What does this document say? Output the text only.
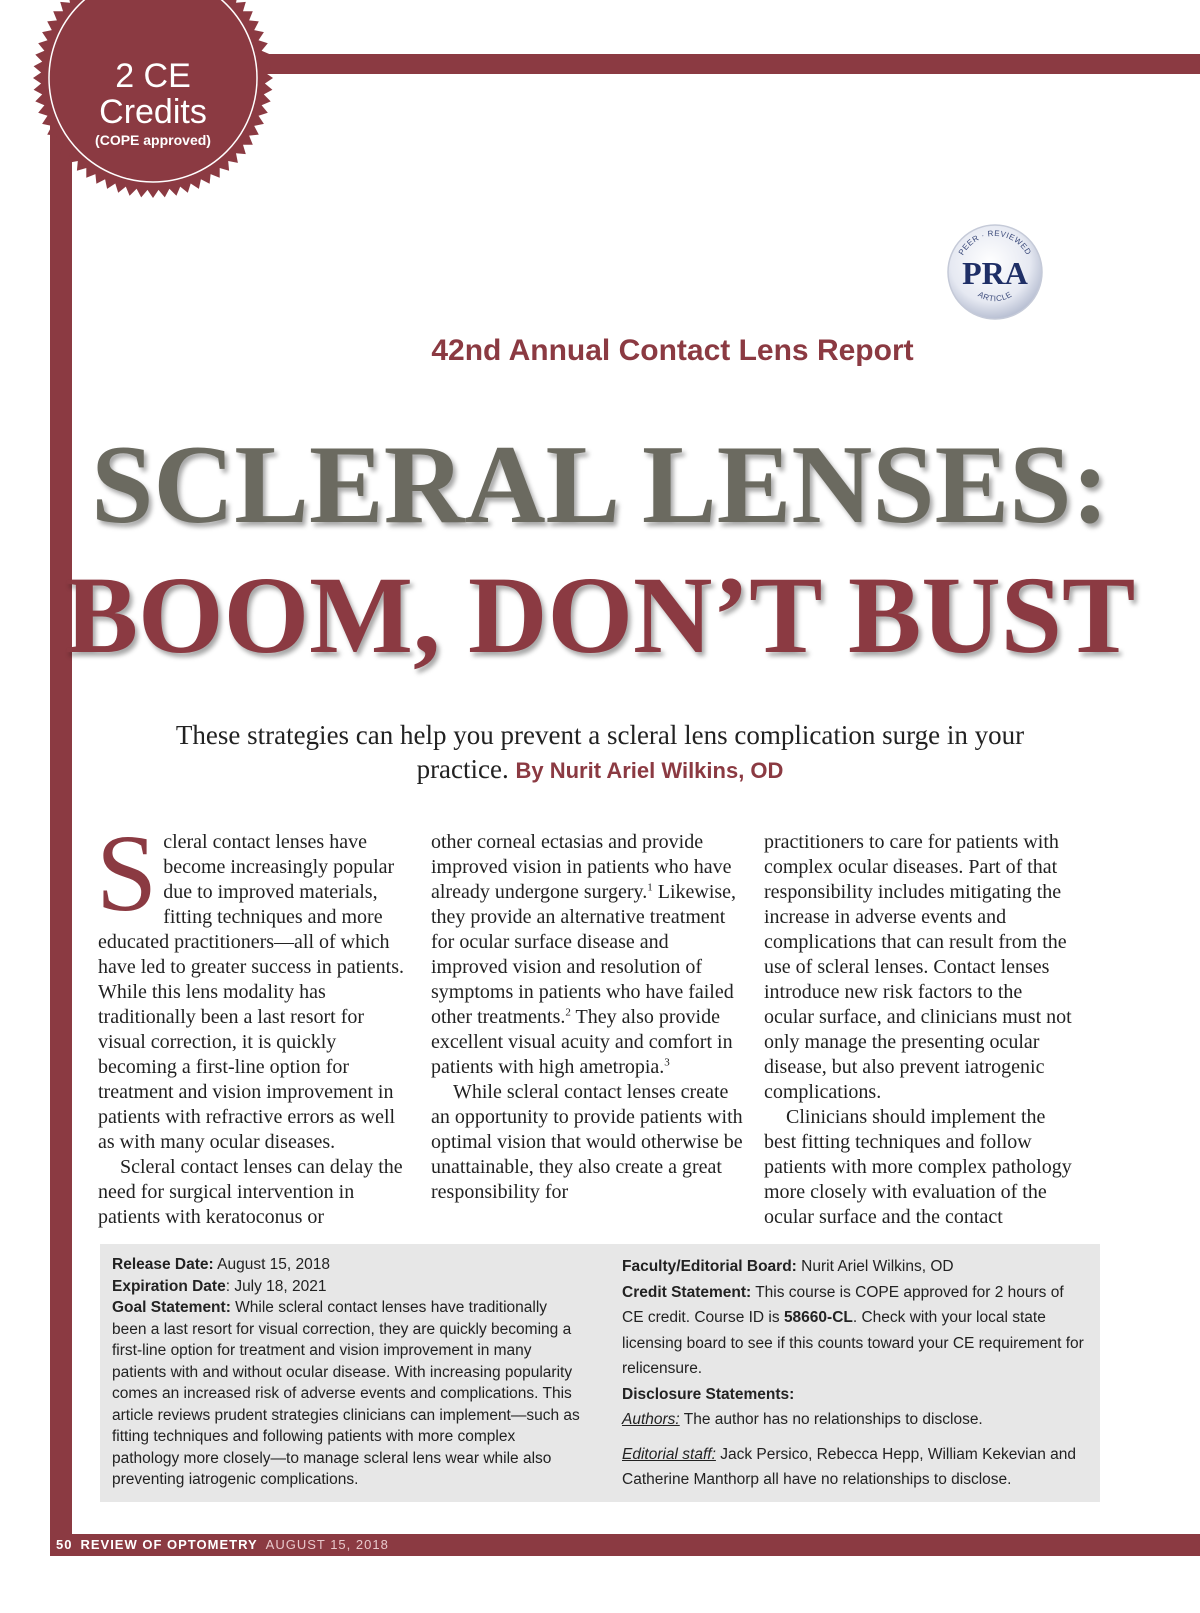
2 CE
Credits
(COPE approved)
PEER · REVIEWED
PRA
ARTICLE
42nd Annual Contact Lens Report
SCLERAL LENSES:
BOOM, DON’T BUST
These strategies can help you prevent a scleral lens complication surge in your practice. By Nurit Ariel Wilkins, OD

Scleral contact lenses have become increasingly popular due to improved materials, fitting techniques and more educated practitioners—all of which have led to greater success in patients. While this lens modality has traditionally been a last resort for visual correction, it is quickly becoming a first-line option for treatment and vision improvement in patients with refractive errors as well as with many ocular diseases.

Scleral contact lenses can delay the need for surgical intervention in patients with keratoconus or

other corneal ectasias and provide improved vision in patients who have already undergone surgery.$^1$ Likewise, they provide an alternative treatment for ocular surface disease and improved vision and resolution of symptoms in patients who have failed other treatments.$^2$ They also provide excellent visual acuity and comfort in patients with high ametropia.$^3$

While scleral contact lenses create an opportunity to provide patients with optimal vision that would otherwise be unattainable, they also create a great responsibility for

practitioners to care for patients with complex ocular diseases. Part of that responsibility includes mitigating the increase in adverse events and complications that can result from the use of scleral lenses. Contact lenses introduce new risk factors to the ocular surface, and clinicians must not only manage the presenting ocular disease, but also prevent iatrogenic complications.

Clinicians should implement the best fitting techniques and follow patients with more complex pathology more closely with evaluation of the ocular surface and the contact

Release Date: August 15, 2018
Expiration Date: July 18, 2021
Goal Statement: While scleral contact lenses have traditionally been a last resort for visual correction, they are quickly becoming a first-line option for treatment and vision improvement in many patients with and without ocular disease. With increasing popularity comes an increased risk of adverse events and complications. This article reviews prudent strategies clinicians can implement—such as fitting techniques and following patients with more complex pathology more closely—to manage scleral lens wear while also preventing iatrogenic complications.
Faculty/Editorial Board: Nurit Ariel Wilkins, OD
Credit Statement: This course is COPE approved for 2 hours of CE credit. Course ID is 58660-CL. Check with your local state licensing board to see if this counts toward your CE requirement for relicensure.
Disclosure Statements:
Authors: The author has no relationships to disclose.
Editorial staff: Jack Persico, Rebecca Hepp, William Kekevian and Catherine Manthorp all have no relationships to disclose.
50 REVIEW OF OPTOMETRY AUGUST 15, 2018
